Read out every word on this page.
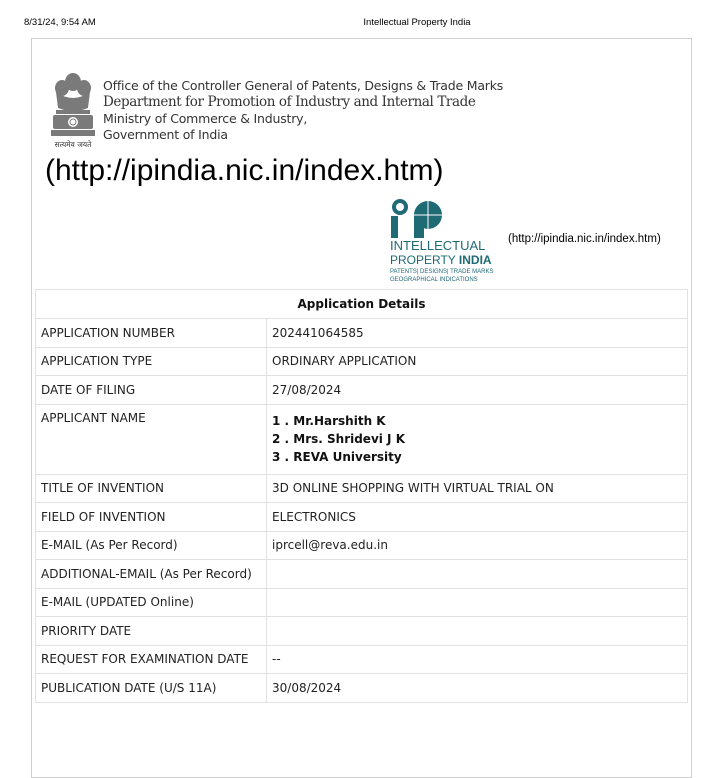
8/31/24, 9:54 AM	Intellectual Property India
सत्यमेव जयते
Office of the Controller General of Patents, Designs & Trade Marks
Department for Promotion of Industry and Internal Trade
Ministry of Commerce & Industry,
Government of India
(http://ipindia.nic.in/index.htm)
INTELLECTUAL
PROPERTY INDIA
PATENTS| DESIGNS| TRADE MARKS
GEOGRAPHICAL INDICATIONS
(http://ipindia.nic.in/index.htm)
Application Details	
APPLICATION NUMBER	202441064585
APPLICATION TYPE	ORDINARY APPLICATION
DATE OF FILING	27/08/2024
APPLICANT NAME	1 . Mr.Harshith K
2 . Mrs. Shridevi J K
3 . REVA University

TITLE OF INVENTION	3D ONLINE SHOPPING WITH VIRTUAL TRIAL ON
FIELD OF INVENTION	ELECTRONICS
E-MAIL (As Per Record)	iprcell@reva.edu.in
ADDITIONAL-EMAIL (As Per Record)	
E-MAIL (UPDATED Online)	
PRIORITY DATE	
REQUEST FOR EXAMINATION DATE	--
PUBLICATION DATE (U/S 11A)	30/08/2024
